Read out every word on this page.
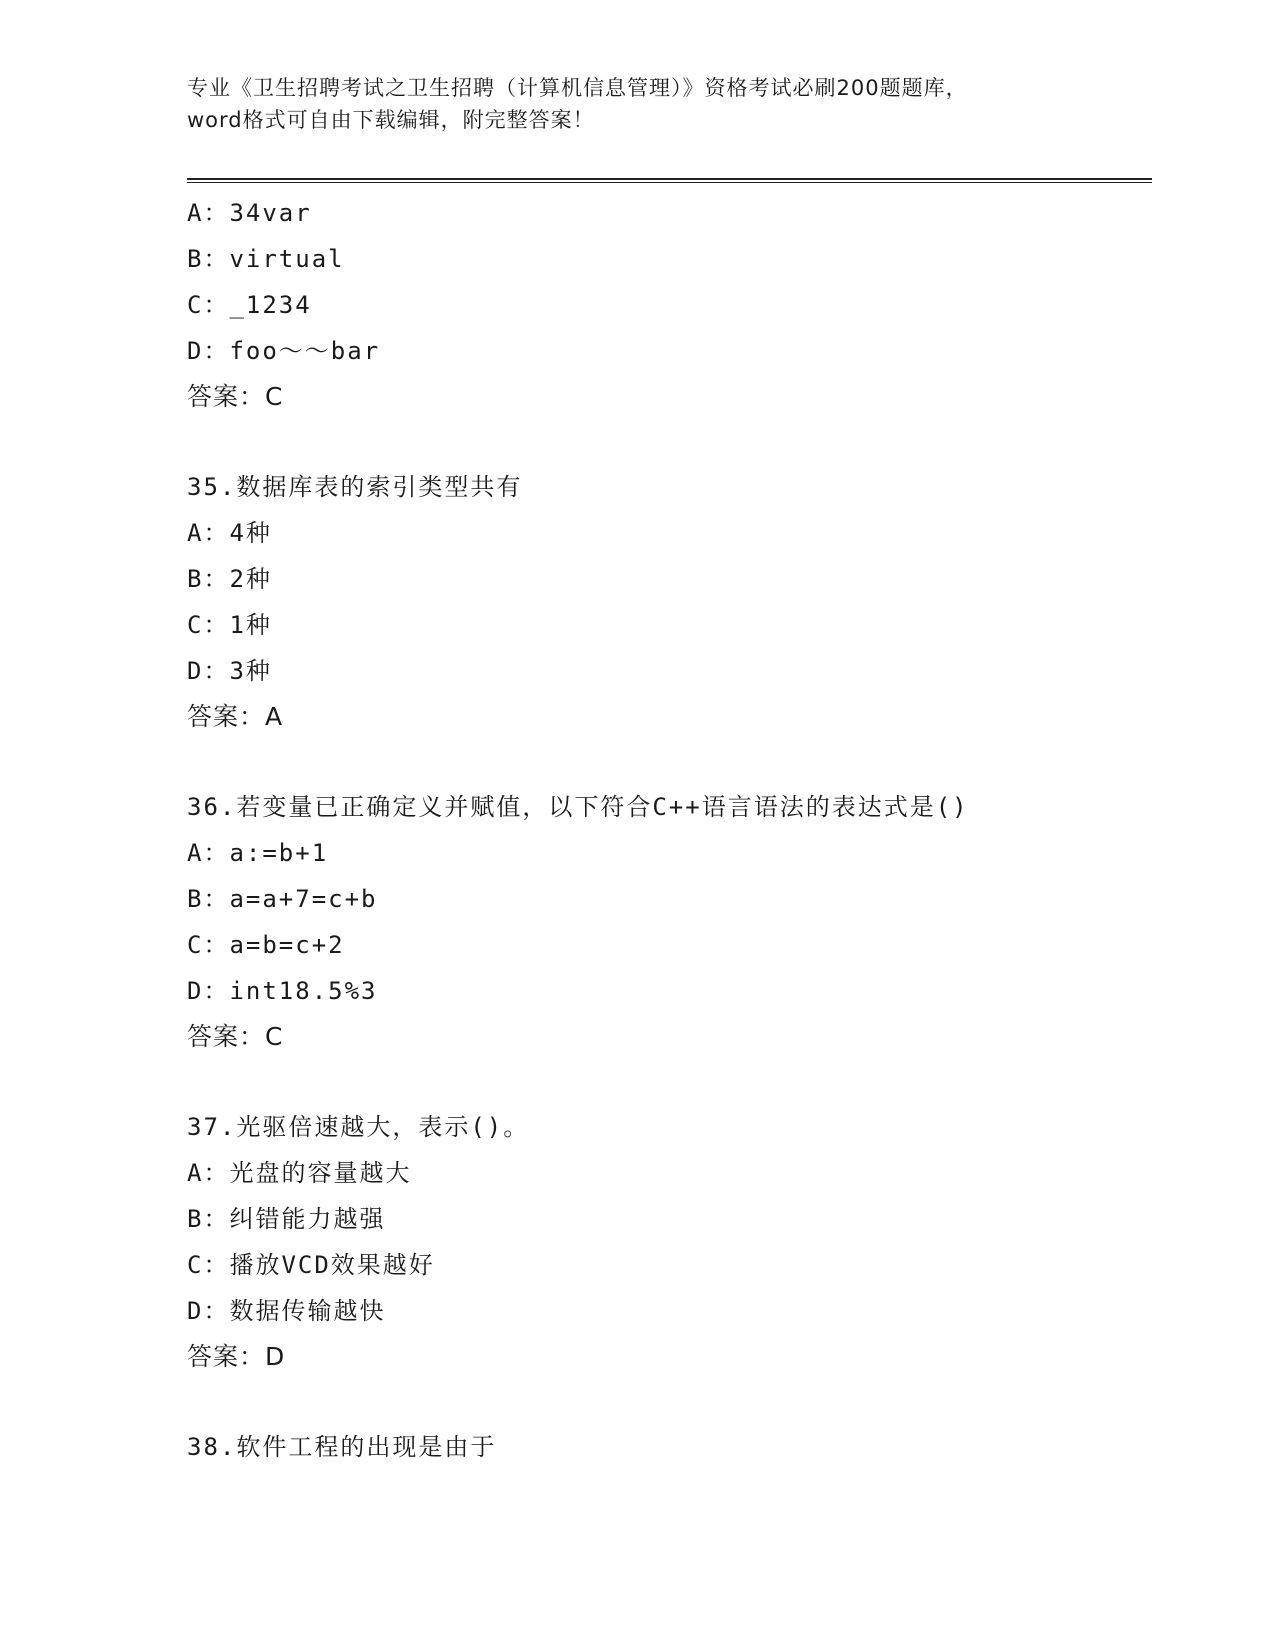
专业《卫生招聘考试之卫生招聘（计算机信息管理）》资格考试必刷200题题库，
word格式可自由下载编辑，附完整答案！
A：34var
B：virtual
C：_1234
D：foo～～bar
答案：C
35.数据库表的索引类型共有
A：4种
B：2种
C：1种
D：3种
答案：A
36.若变量已正确定义并赋值，以下符合C++语言语法的表达式是()
A：a:=b+1
B：a=a+7=c+b
C：a=b=c+2
D：int18.5%3
答案：C
37.光驱倍速越大，表示()。
A：光盘的容量越大
B：纠错能力越强
C：播放VCD效果越好
D：数据传输越快
答案：D
38.软件工程的出现是由于
